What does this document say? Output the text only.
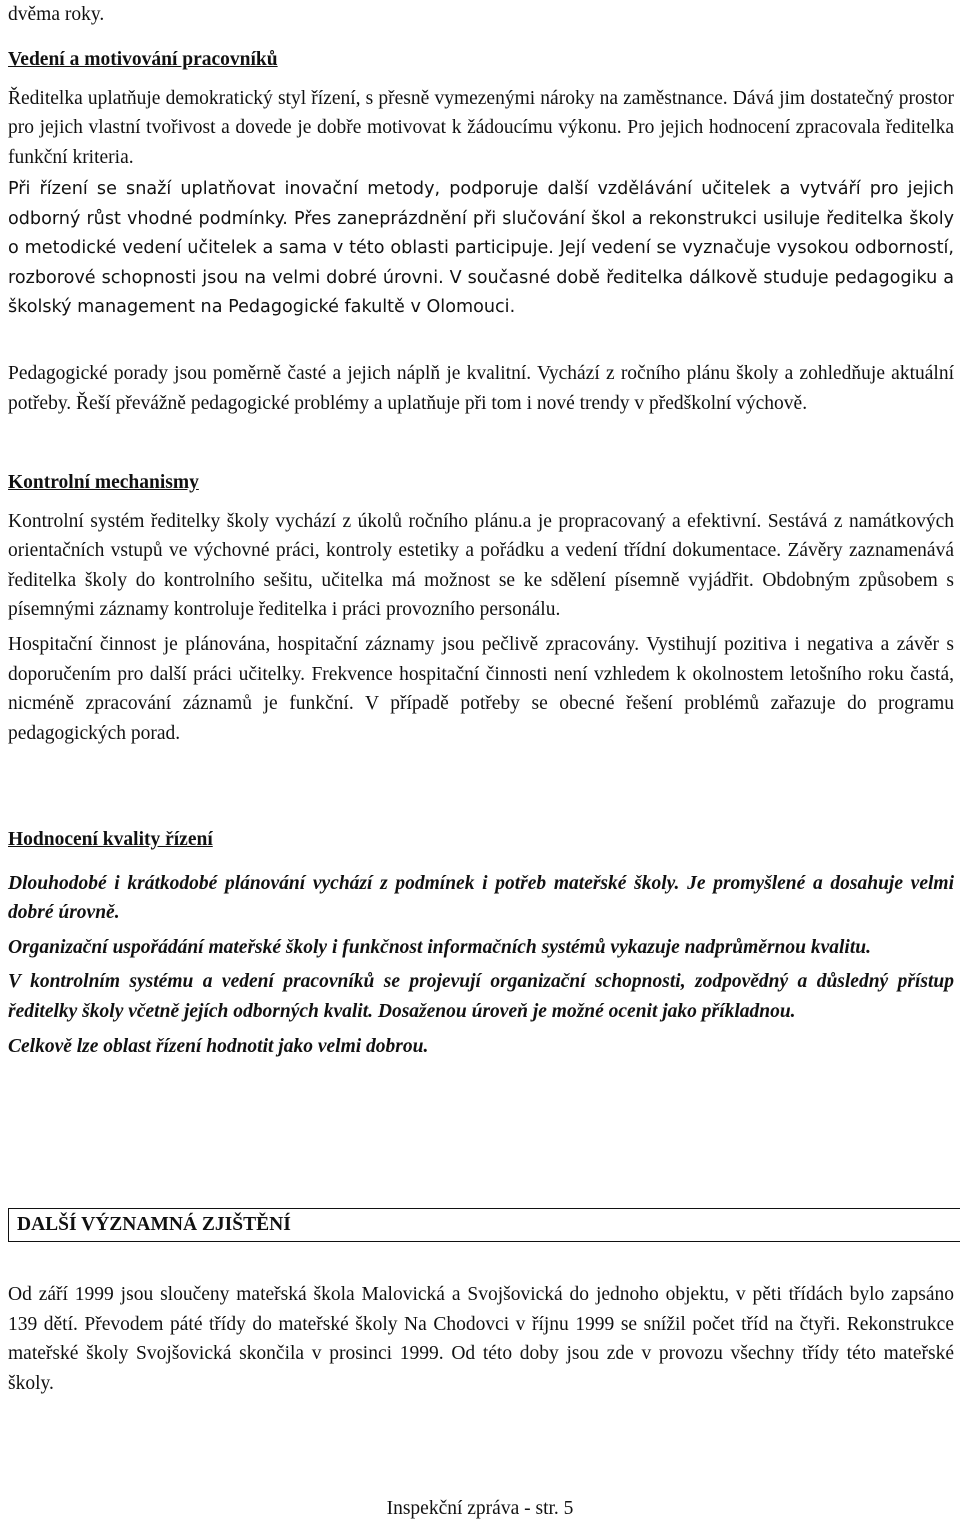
dvěma roky.

Vedení a motivování pracovníků

Ředitelka uplatňuje demokratický styl řízení, s přesně vymezenými nároky na zaměstnance. Dává jim dostatečný prostor pro jejich vlastní tvořivost a dovede je dobře motivovat k žádoucímu výkonu. Pro jejich hodnocení zpracovala ředitelka funkční kriteria.

Při řízení se snaží uplatňovat inovační metody, podporuje další vzdělávání učitelek a vytváří pro jejich odborný růst vhodné podmínky. Přes zaneprázdnění při slučování škol a rekonstrukci usiluje ředitelka školy o metodické vedení učitelek a sama v této oblasti participuje. Její vedení se vyznačuje vysokou odborností, rozborové schopnosti jsou na velmi dobré úrovni. V současné době ředitelka dálkově studuje pedagogiku a školský management na Pedagogické fakultě v Olomouci.

Pedagogické porady jsou poměrně časté a jejich náplň je kvalitní. Vychází z ročního plánu školy a zohledňuje aktuální potřeby. Řeší převážně pedagogické problémy a uplatňuje při tom i nové trendy v předškolní výchově.

Kontrolní mechanismy

Kontrolní systém ředitelky školy vychází z úkolů ročního plánu.a je propracovaný a efektivní. Sestává z namátkových orientačních vstupů ve výchovné práci, kontroly estetiky a pořádku a vedení třídní dokumentace. Závěry zaznamenává ředitelka školy do kontrolního sešitu, učitelka má možnost se ke sdělení písemně vyjádřit. Obdobným způsobem s písemnými záznamy kontroluje ředitelka i práci provozního personálu.

Hospitační činnost je plánována, hospitační záznamy jsou pečlivě zpracovány. Vystihují pozitiva i negativa a závěr s doporučením pro další práci učitelky. Frekvence hospitační činnosti není vzhledem k okolnostem letošního roku častá, nicméně zpracování záznamů je funkční. V případě potřeby se obecné řešení problémů zařazuje do programu pedagogických porad.

Hodnocení kvality řízení

Dlouhodobé i krátkodobé plánování vychází z podmínek i potřeb mateřské školy. Je promyšlené a dosahuje velmi dobré úrovně.

Organizační uspořádání mateřské školy i funkčnost informačních systémů vykazuje nadprůměrnou kvalitu.

V kontrolním systému a vedení pracovníků se projevují organizační schopnosti, zodpovědný a důsledný přístup ředitelky školy včetně jejích odborných kvalit. Dosaženou úroveň je možné ocenit jako příkladnou.

Celkově lze oblast řízení hodnotit jako velmi dobrou.

DALŠÍ VÝZNAMNÁ ZJIŠTĚNÍ

Od září 1999 jsou sloučeny mateřská škola Malovická a Svojšovická do jednoho objektu, v pěti třídách bylo zapsáno 139 dětí. Převodem páté třídy do mateřské školy Na Chodovci v říjnu 1999 se snížil počet tříd na čtyři. Rekonstrukce mateřské školy Svojšovická skončila v prosinci 1999. Od této doby jsou zde v provozu všechny třídy této mateřské školy.

Inspekční zpráva - str. 5
